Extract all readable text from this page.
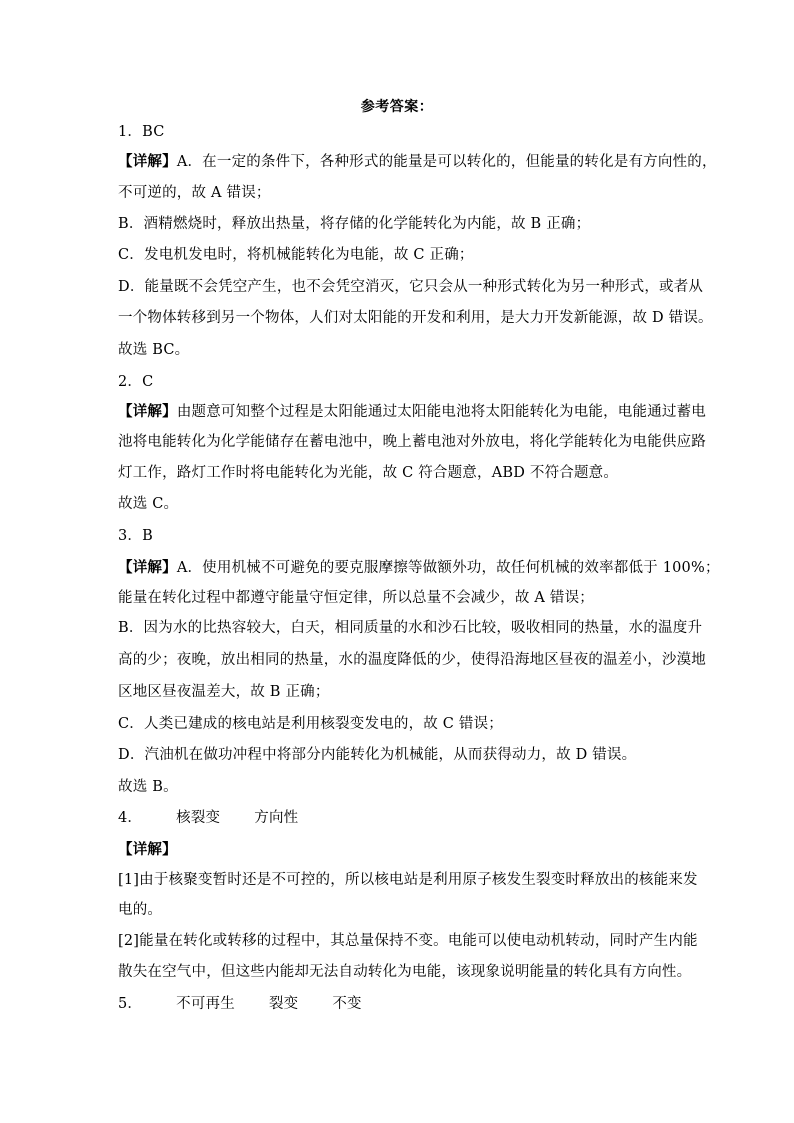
参考答案：
1．BC
【详解】A．在一定的条件下，各种形式的能量是可以转化的，但能量的转化是有方向性的，
不可逆的，故 A 错误；
B．酒精燃烧时，释放出热量，将存储的化学能转化为内能，故 B 正确；
C．发电机发电时，将机械能转化为电能，故 C 正确；
D．能量既不会凭空产生，也不会凭空消灭，它只会从一种形式转化为另一种形式，或者从
一个物体转移到另一个物体，人们对太阳能的开发和利用，是大力开发新能源，故 D 错误。
故选 BC。
2．C
【详解】由题意可知整个过程是太阳能通过太阳能电池将太阳能转化为电能，电能通过蓄电
池将电能转化为化学能储存在蓄电池中，晚上蓄电池对外放电，将化学能转化为电能供应路
灯工作，路灯工作时将电能转化为光能，故 C 符合题意，ABD 不符合题意。
故选 C。
3．B
【详解】A．使用机械不可避免的要克服摩擦等做额外功，故任何机械的效率都低于 100%；
能量在转化过程中都遵守能量守恒定律，所以总量不会减少，故 A 错误；
B．因为水的比热容较大，白天，相同质量的水和沙石比较，吸收相同的热量，水的温度升
高的少；夜晚，放出相同的热量，水的温度降低的少，使得沿海地区昼夜的温差小，沙漠地
区地区昼夜温差大，故 B 正确；
C．人类已建成的核电站是利用核裂变发电的，故 C 错误；
D．汽油机在做功冲程中将部分内能转化为机械能，从而获得动力，故 D 错误。
故选 B。
4． 核裂变 方向性
【详解】
[1]由于核聚变暂时还是不可控的，所以核电站是利用原子核发生裂变时释放出的核能来发
电的。
[2]能量在转化或转移的过程中，其总量保持不变。电能可以使电动机转动，同时产生内能
散失在空气中，但这些内能却无法自动转化为电能，该现象说明能量的转化具有方向性。
5． 不可再生 裂变 不变
